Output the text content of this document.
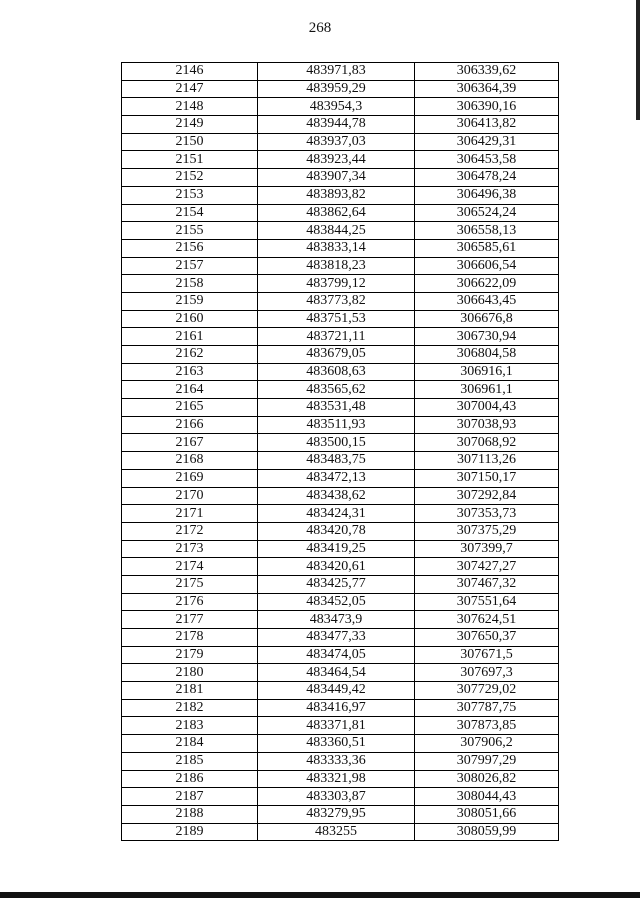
268
2146	483971,83	306339,62
2147	483959,29	306364,39
2148	483954,3	306390,16
2149	483944,78	306413,82
2150	483937,03	306429,31
2151	483923,44	306453,58
2152	483907,34	306478,24
2153	483893,82	306496,38
2154	483862,64	306524,24
2155	483844,25	306558,13
2156	483833,14	306585,61
2157	483818,23	306606,54
2158	483799,12	306622,09
2159	483773,82	306643,45
2160	483751,53	306676,8
2161	483721,11	306730,94
2162	483679,05	306804,58
2163	483608,63	306916,1
2164	483565,62	306961,1
2165	483531,48	307004,43
2166	483511,93	307038,93
2167	483500,15	307068,92
2168	483483,75	307113,26
2169	483472,13	307150,17
2170	483438,62	307292,84
2171	483424,31	307353,73
2172	483420,78	307375,29
2173	483419,25	307399,7
2174	483420,61	307427,27
2175	483425,77	307467,32
2176	483452,05	307551,64
2177	483473,9	307624,51
2178	483477,33	307650,37
2179	483474,05	307671,5
2180	483464,54	307697,3
2181	483449,42	307729,02
2182	483416,97	307787,75
2183	483371,81	307873,85
2184	483360,51	307906,2
2185	483333,36	307997,29
2186	483321,98	308026,82
2187	483303,87	308044,43
2188	483279,95	308051,66
2189	483255	308059,99
